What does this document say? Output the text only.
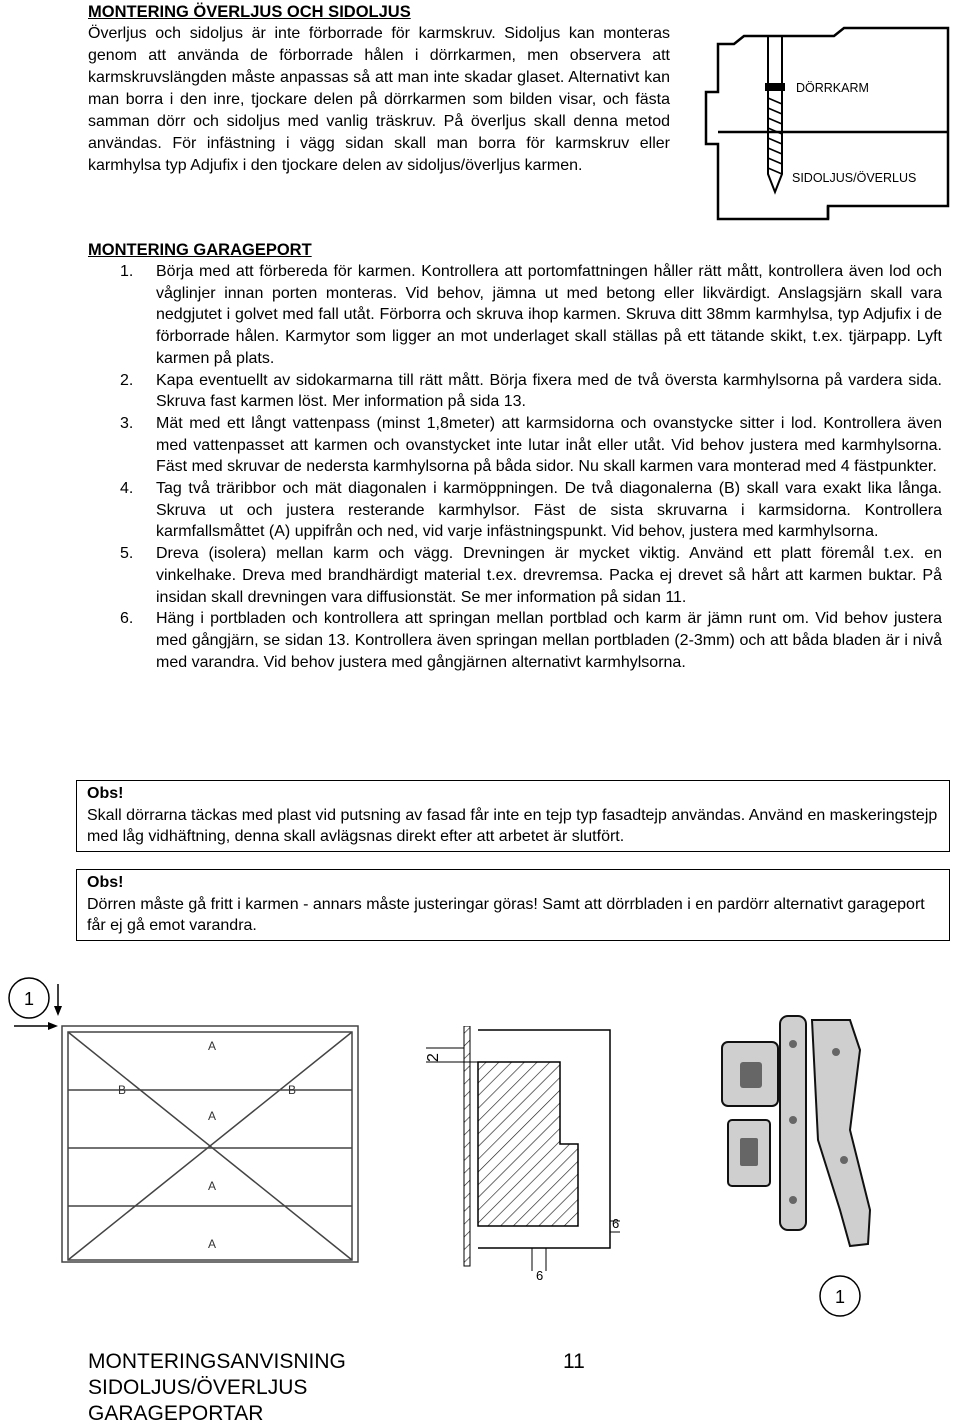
MONTERING ÖVERLJUS OCH SIDOLJUS
Överljus och sidoljus är inte förborrade för karmskruv. Sidoljus kan monteras genom att använda de förborrade hålen i dörrkarmen, men observera att karmskruvslängden måste anpassas så att man inte skadar glaset. Alternativt kan man borra i den inre, tjockare delen på dörrkarmen som bilden visar, och fästa samman dörr och sidoljus med vanlig träskruv. På överljus skall denna metod användas. För infästning i vägg sidan skall man borra för karmskruv eller karmhylsa typ Adjufix i den tjockare delen av sidoljus/överljus karmen.
DÖRRKARM
SIDOLJUS/ÖVERLUS
MONTERING GARAGEPORT
1. Börja med att förbereda för karmen. Kontrollera att portomfattningen håller rätt mått, kontrollera även lod och våglinjer innan porten monteras. Vid behov, jämna ut med betong eller likvärdigt. Anslagsjärn skall vara nedgjutet i golvet med fall utåt. Förborra och skruva ihop karmen. Skruva ditt 38mm karmhylsa, typ Adjufix i de förborrade hålen. Karmytor som ligger an mot underlaget skall ställas på ett tätande skikt, t.ex. tjärpapp. Lyft karmen på plats.
2. Kapa eventuellt av sidokarmarna till rätt mått. Börja fixera med de två översta karmhylsorna på vardera sida. Skruva fast karmen löst. Mer information på sida 13.
3. Mät med ett långt vattenpass (minst 1,8meter) att karmsidorna och ovanstycke sitter i lod. Kontrollera även med vattenpasset att karmen och ovanstycket inte lutar inåt eller utåt. Vid behov justera med karmhylsorna. Fäst med skruvar de nedersta karmhylsorna på båda sidor. Nu skall karmen vara monterad med 4 fästpunkter.
4. Tag två träribbor och mät diagonalen i karmöppningen. De två diagonalerna (B) skall vara exakt lika långa. Skruva ut och justera resterande karmhylsor. Fäst de sista skruvarna i karmsidorna. Kontrollera karmfallsmåttet (A) uppifrån och ned, vid varje infästningspunkt. Vid behov, justera med karmhylsorna.
5. Dreva (isolera) mellan karm och vägg. Drevningen är mycket viktig. Använd ett platt föremål t.ex. en vinkelhake. Dreva med brandhärdigt material t.ex. drevremsa. Packa ej drevet så hårt att karmen buktar. På insidan skall drevningen vara diffusionstät. Se mer information på sidan 11.
6. Häng i portbladen och kontrollera att springan mellan portblad och karm är jämn runt om. Vid behov justera med gångjärn, se sidan 13. Kontrollera även springan mellan portbladen (2-3mm) och att båda bladen är i nivå med varandra. Vid behov justera med gångjärnen alternativt karmhylsorna.
Obs!
Skall dörrarna täckas med plast vid putsning av fasad får inte en tejp typ fasadtejp användas. Använd en maskeringstejp med låg vidhäftning, denna skall avlägsnas direkt efter att arbetet är slutfört.
Obs!
Dörren måste gå fritt i karmen - annars måste justeringar göras! Samt att dörrbladen i en pardörr alternativt garageport får ej gå emot varandra.
1
A
B	B
A
A
A
2
6
6
1
MONTERINGSANVISNING
SIDOLJUS/ÖVERLJUS
GARAGEPORTAR
11
